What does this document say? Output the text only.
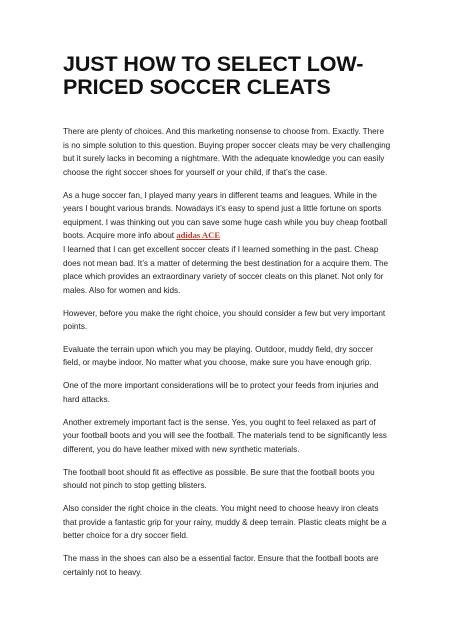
JUST HOW TO SELECT LOW-PRICED SOCCER CLEATS

There are plenty of choices. And this marketing nonsense to choose from. Exactly. There is no simple solution to this question. Buying proper soccer cleats may be very challenging but it surely lacks in becoming a nightmare. With the adequate knowledge you can easily choose the right soccer shoes for yourself or your child, if that’s the case.

As a huge soccer fan, I played many years in different teams and leagues. While in the years I bought various brands. Nowadays it’s easy to spend just a little fortune on sports equipment. I was thinking out you can save some huge cash while you buy cheap football boots. Acquire more info about adidas ACE

I learned that I can get excellent soccer cleats if I learned something in the past. Cheap does not mean bad. It’s a matter of determing the best destination for a acquire them. The place which provides an extraordinary variety of soccer cleats on this planet. Not only for males. Also for women and kids.

However, before you make the right choice, you should consider a few but very important points.

Evaluate the terrain upon which you may be playing. Outdoor, muddy field, dry soccer field, or maybe indoor. No matter what you choose, make sure you have enough grip.

One of the more important considerations will be to protect your feeds from injuries and hard attacks.

Another extremely important fact is the sense. Yes, you ought to feel relaxed as part of your football boots and you will see the football. The materials tend to be significantly less different, you do have leather mixed with new synthetic materials.

The football boot should fit as effective as possible. Be sure that the football boots you should not pinch to stop getting blisters.

Also consider the right choice in the cleats. You might need to choose heavy iron cleats that provide a fantastic grip for your rainy, muddy & deep terrain. Plastic cleats might be a better choice for a dry soccer field.

The mass in the shoes can also be a essential factor. Ensure that the football boots are certainly not to heavy.
